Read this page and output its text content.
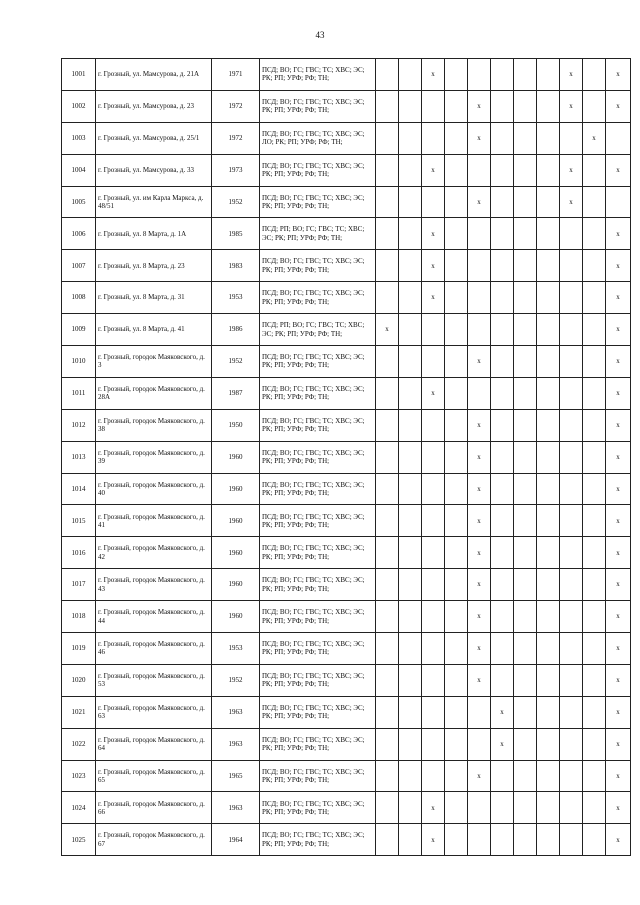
43
1001	г. Грозный, ул. Мамсурова, д. 21А	1971	ПСД; ВО; ГС; ГВС; ТС; ХВС; ЭС; РК; РП; УРФ; РФ; ТН;			x						x		x
1002	г. Грозный, ул. Мамсурова, д. 23	1972	ПСД; ВО; ГС; ГВС; ТС; ХВС; ЭС; РК; РП; УРФ; РФ; ТН;					x				x		x
1003	г. Грозный, ул. Мамсурова, д. 25/1	1972	ПСД; ВО; ГС; ГВС; ТС; ХВС; ЭС; ЛО; РК; РП; УРФ; РФ; ТН;					x					x	
1004	г. Грозный, ул. Мамсурова, д. 33	1973	ПСД; ВО; ГС; ГВС; ТС; ХВС; ЭС; РК; РП; УРФ; РФ; ТН;			x						x		x
1005	г. Грозный, ул. им Карла Маркса, д. 48/51	1952	ПСД; ВО; ГС; ГВС; ТС; ХВС; ЭС; РК; РП; УРФ; РФ; ТН;					x				x		
1006	г. Грозный, ул. 8 Марта, д. 1А	1985	ПСД; РП; ВО; ГС; ГВС; ТС; ХВС; ЭС; РК; РП; УРФ; РФ; ТН;			x								x
1007	г. Грозный, ул. 8 Марта, д. 23	1983	ПСД; ВО; ГС; ГВС; ТС; ХВС; ЭС; РК; РП; УРФ; РФ; ТН;			x								x
1008	г. Грозный, ул. 8 Марта, д. 31	1953	ПСД; ВО; ГС; ГВС; ТС; ХВС; ЭС; РК; РП; УРФ; РФ; ТН;			x								x
1009	г. Грозный, ул. 8 Марта, д. 41	1986	ПСД; РП; ВО; ГС; ГВС; ТС; ХВС; ЭС; РК; РП; УРФ; РФ; ТН;	x										x
1010	г. Грозный, городок Маяковского, д. 3	1952	ПСД; ВО; ГС; ГВС; ТС; ХВС; ЭС; РК; РП; УРФ; РФ; ТН;					x						x
1011	г. Грозный, городок Маяковского, д. 28А	1987	ПСД; ВО; ГС; ГВС; ТС; ХВС; ЭС; РК; РП; УРФ; РФ; ТН;			x								x
1012	г. Грозный, городок Маяковского, д. 38	1950	ПСД; ВО; ГС; ГВС; ТС; ХВС; ЭС; РК; РП; УРФ; РФ; ТН;					x						x
1013	г. Грозный, городок Маяковского, д. 39	1960	ПСД; ВО; ГС; ГВС; ТС; ХВС; ЭС; РК; РП; УРФ; РФ; ТН;					x						x
1014	г. Грозный, городок Маяковского, д. 40	1960	ПСД; ВО; ГС; ГВС; ТС; ХВС; ЭС; РК; РП; УРФ; РФ; ТН;					x						x
1015	г. Грозный, городок Маяковского, д. 41	1960	ПСД; ВО; ГС; ГВС; ТС; ХВС; ЭС; РК; РП; УРФ; РФ; ТН;					x						x
1016	г. Грозный, городок Маяковского, д. 42	1960	ПСД; ВО; ГС; ГВС; ТС; ХВС; ЭС; РК; РП; УРФ; РФ; ТН;					x						x
1017	г. Грозный, городок Маяковского, д. 43	1960	ПСД; ВО; ГС; ГВС; ТС; ХВС; ЭС; РК; РП; УРФ; РФ; ТН;					x						x
1018	г. Грозный, городок Маяковского, д. 44	1960	ПСД; ВО; ГС; ГВС; ТС; ХВС; ЭС; РК; РП; УРФ; РФ; ТН;					x						x
1019	г. Грозный, городок Маяковского, д. 46	1953	ПСД; ВО; ГС; ГВС; ТС; ХВС; ЭС; РК; РП; УРФ; РФ; ТН;					x						x
1020	г. Грозный, городок Маяковского, д. 53	1952	ПСД; ВО; ГС; ГВС; ТС; ХВС; ЭС; РК; РП; УРФ; РФ; ТН;					x						x
1021	г. Грозный, городок Маяковского, д. 63	1963	ПСД; ВО; ГС; ГВС; ТС; ХВС; ЭС; РК; РП; УРФ; РФ; ТН;						x					x
1022	г. Грозный, городок Маяковского, д. 64	1963	ПСД; ВО; ГС; ГВС; ТС; ХВС; ЭС; РК; РП; УРФ; РФ; ТН;						x					x
1023	г. Грозный, городок Маяковского, д. 65	1965	ПСД; ВО; ГС; ГВС; ТС; ХВС; ЭС; РК; РП; УРФ; РФ; ТН;					x						x
1024	г. Грозный, городок Маяковского, д. 66	1963	ПСД; ВО; ГС; ГВС; ТС; ХВС; ЭС; РК; РП; УРФ; РФ; ТН;			x								x
1025	г. Грозный, городок Маяковского, д. 67	1964	ПСД; ВО; ГС; ГВС; ТС; ХВС; ЭС; РК; РП; УРФ; РФ; ТН;			x								x
